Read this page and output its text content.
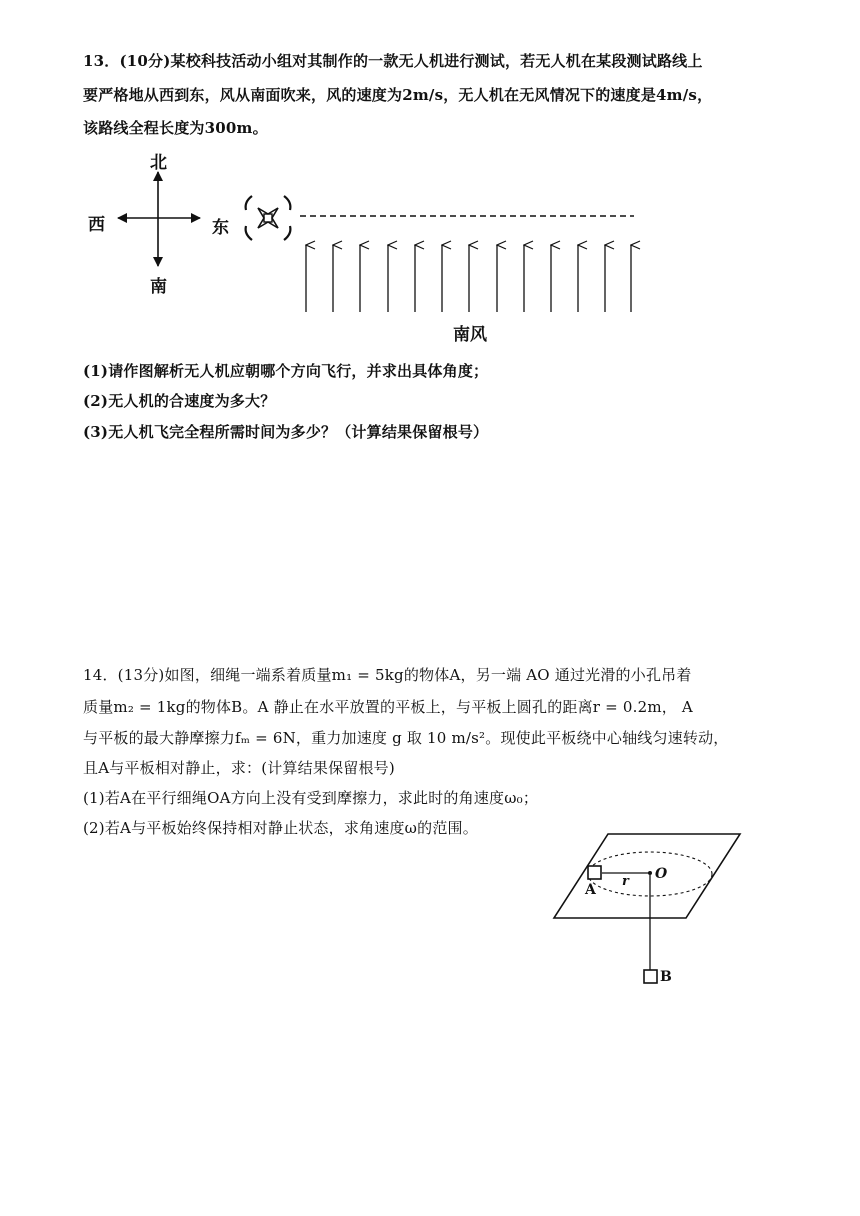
13．(10分)某校科技活动小组对其制作的一款无人机进行测试，若无人机在某段测试路线上
要严格地从西到东，风从南面吹来，风的速度为2m/s，无人机在无风情况下的速度是4m/s，
该路线全程长度为300m。
北
南
西	东
南风
(1)请作图解析无人机应朝哪个方向飞行，并求出具体角度；
(2)无人机的合速度为多大？
(3)无人机飞完全程所需时间为多少？（计算结果保留根号）
14．(13分)如图，细绳一端系着质量m₁ = 5kg的物体A，另一端 AO 通过光滑的小孔吊着
质量m₂ = 1kg的物体B。A 静止在水平放置的平板上，与平板上圆孔的距离r = 0.2m， A
与平板的最大静摩擦力fₘ = 6N，重力加速度 g 取 10 m/s²。现使此平板绕中心轴线匀速转动，
且A与平板相对静止，求：(计算结果保留根号)
(1)若A在平行细绳OA方向上没有受到摩擦力，求此时的角速度ω₀；
(2)若A与平板始终保持相对静止状态，求角速度ω的范围。
A
r O
B
